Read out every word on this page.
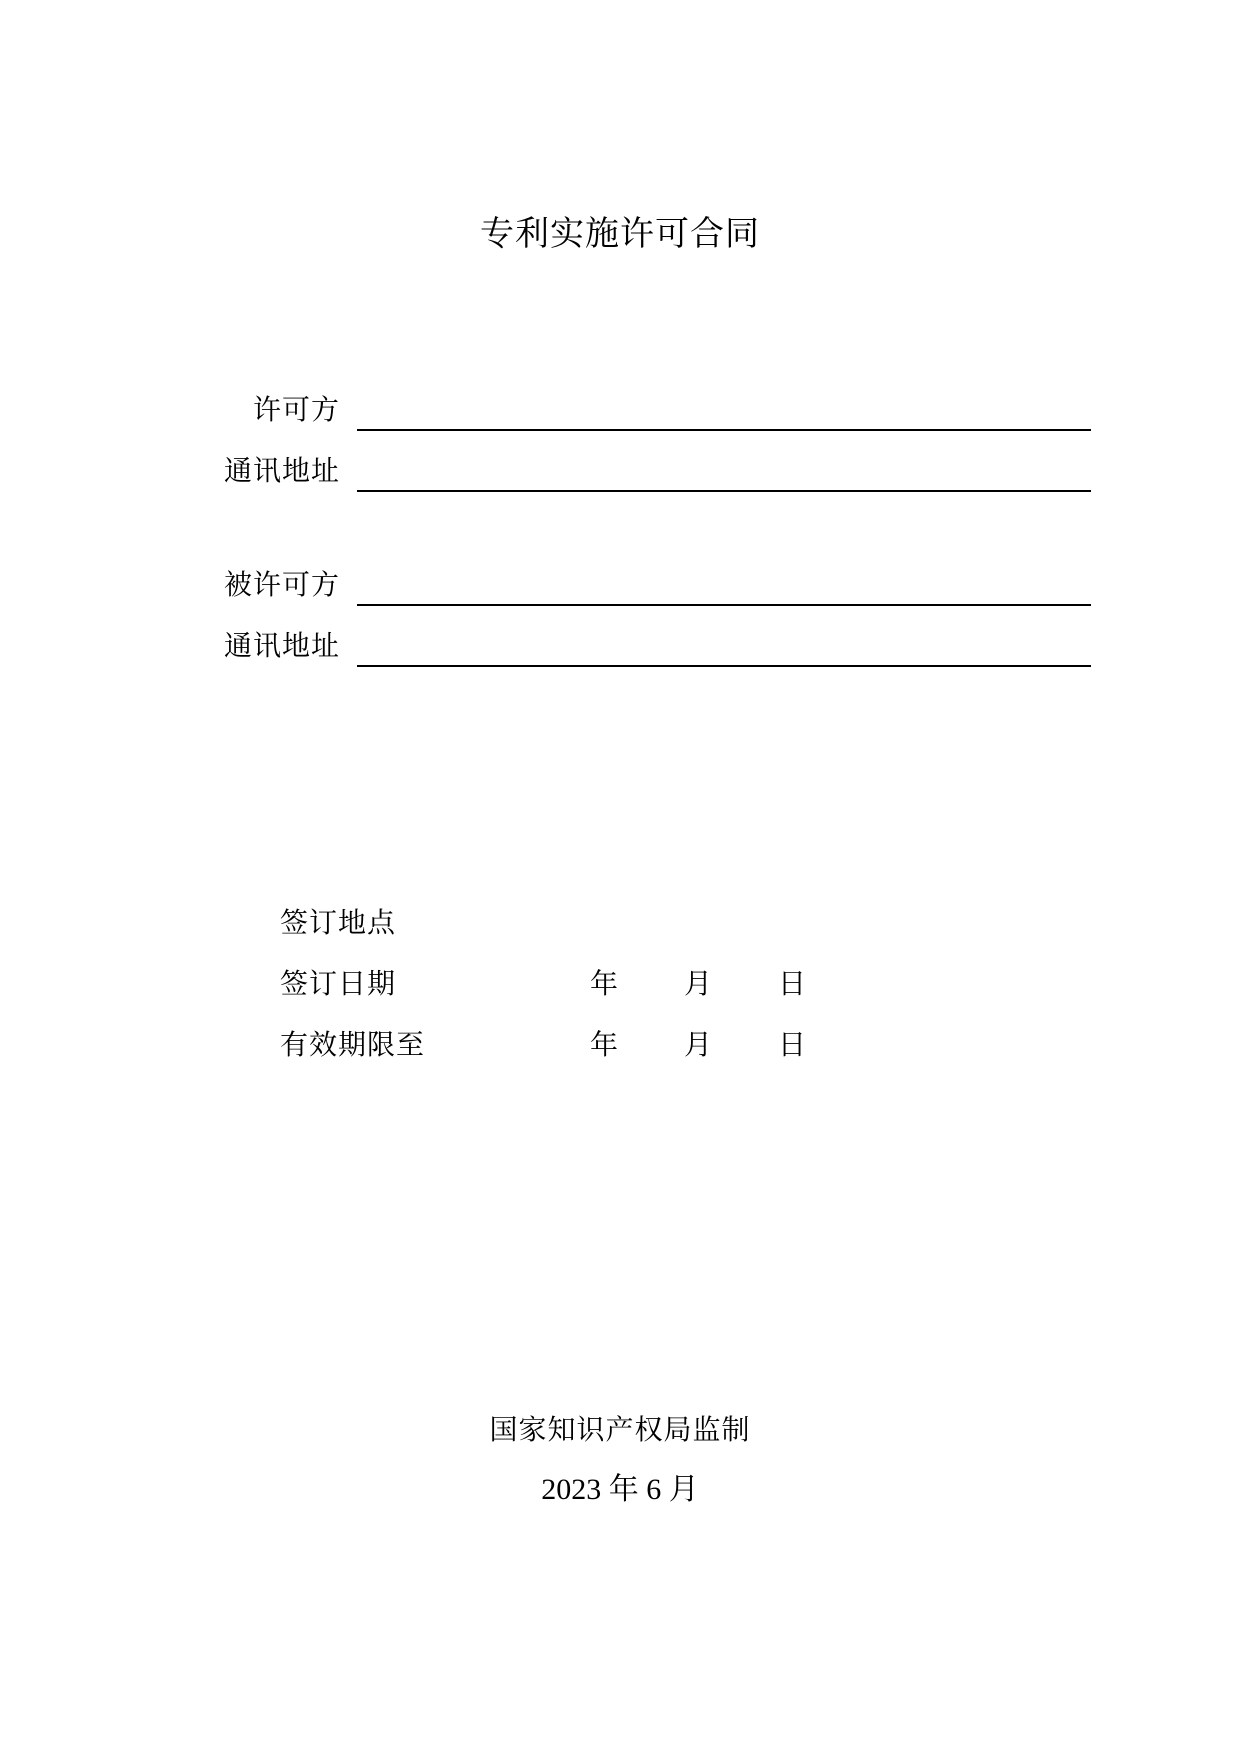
专利实施许可合同
许可方
通讯地址
被许可方
通讯地址
签订地点
签订日期	年 月 日
有效期限至	年 月 日
国家知识产权局监制
2023 年 6 月
